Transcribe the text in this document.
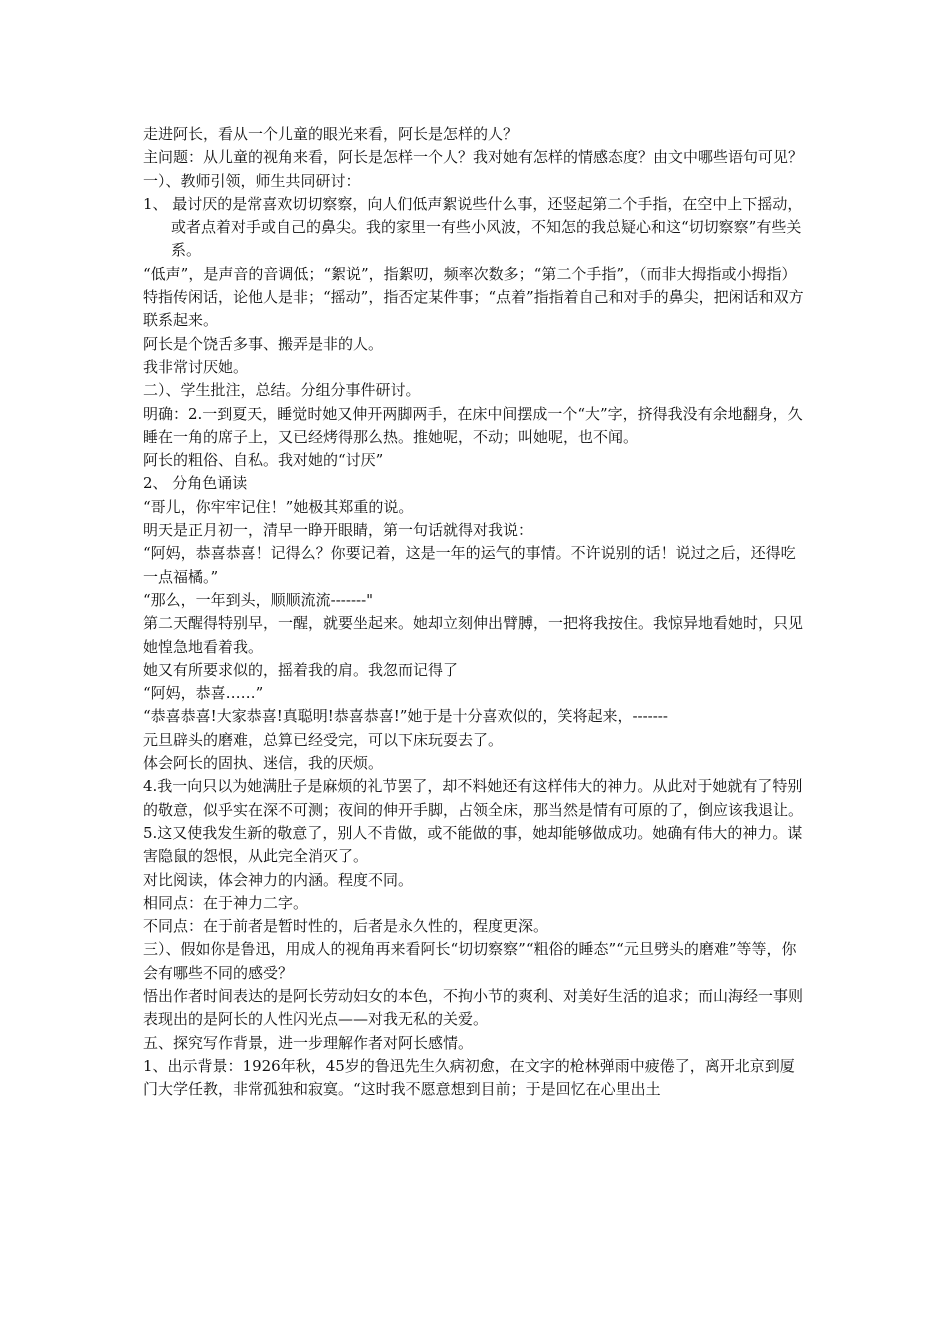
走进阿长，看从一个儿童的眼光来看，阿长是怎样的人？

主问题：从儿童的视角来看，阿长是怎样一个人？我对她有怎样的情感态度？由文中哪些语句可见？

一）、教师引领，师生共同研讨：

1、 最讨厌的是常喜欢切切察察，向人们低声絮说些什么事，还竖起第二个手指，在空中上下摇动，或者点着对手或自己的鼻尖。我的家里一有些小风波，不知怎的我总疑心和这“切切察察”有些关系。

“低声”，是声音的音调低；“絮说”，指絮叨，频率次数多；“第二个手指”，（而非大拇指或小拇指）特指传闲话，论他人是非；“摇动”，指否定某件事；“点着”指指着自己和对手的鼻尖，把闲话和双方联系起来。

阿长是个饶舌多事、搬弄是非的人。

我非常讨厌她。

二）、学生批注，总结。分组分事件研讨。

明确：2.一到夏天，睡觉时她又伸开两脚两手，在床中间摆成一个“大”字，挤得我没有余地翻身，久睡在一角的席子上，又已经烤得那么热。推她呢，不动；叫她呢，也不闻。

阿长的粗俗、自私。我对她的“讨厌”

2、 分角色诵读

“哥儿，你牢牢记住！”她极其郑重的说。

明天是正月初一，清早一睁开眼睛，第一句话就得对我说：

“阿妈，恭喜恭喜！记得么？你要记着，这是一年的运气的事情。不许说别的话！说过之后，还得吃一点福橘。”

“那么，一年到头，顺顺流流-------"

第二天醒得特别早，一醒，就要坐起来。她却立刻伸出臂膊，一把将我按住。我惊异地看她时，只见她惶急地看着我。

她又有所要求似的，摇着我的肩。我忽而记得了

“阿妈，恭喜……”

“恭喜恭喜!大家恭喜!真聪明!恭喜恭喜!”她于是十分喜欢似的，笑将起来，-------

元旦辟头的磨难，总算已经受完，可以下床玩耍去了。

体会阿长的固执、迷信，我的厌烦。

4.我一向只以为她满肚子是麻烦的礼节罢了，却不料她还有这样伟大的神力。从此对于她就有了特别的敬意，似乎实在深不可测；夜间的伸开手脚，占领全床，那当然是情有可原的了，倒应该我退让。

5.这又使我发生新的敬意了，别人不肯做，或不能做的事，她却能够做成功。她确有伟大的神力。谋害隐鼠的怨恨，从此完全消灭了。

对比阅读，体会神力的内涵。程度不同。

相同点：在于神力二字。

不同点：在于前者是暂时性的，后者是永久性的，程度更深。

三）、假如你是鲁迅，用成人的视角再来看阿长“切切察察”“粗俗的睡态”“元旦劈头的磨难”等等，你会有哪些不同的感受？

悟出作者时间表达的是阿长劳动妇女的本色，不拘小节的爽利、对美好生活的追求；而山海经一事则表现出的是阿长的人性闪光点——对我无私的关爱。

五、探究写作背景，进一步理解作者对阿长感情。

1、出示背景：1926年秋，45岁的鲁迅先生久病初愈，在文字的枪林弹雨中疲倦了，离开北京到厦门大学任教，非常孤独和寂寞。“这时我不愿意想到目前；于是回忆在心里出土
